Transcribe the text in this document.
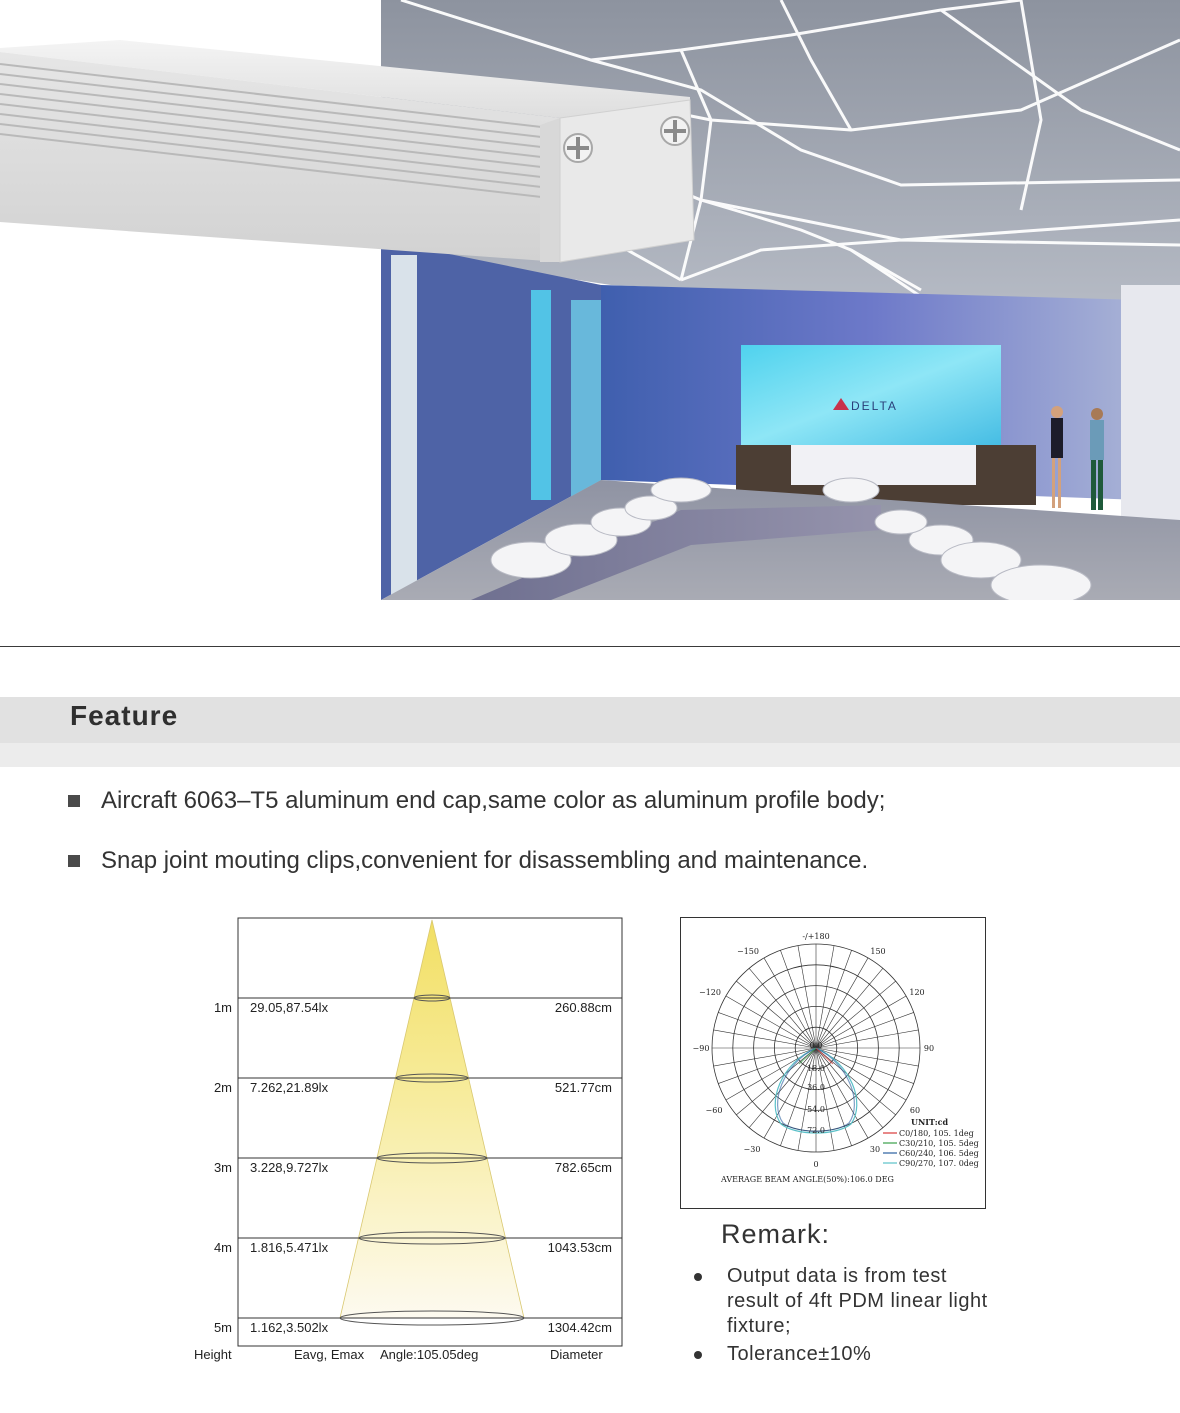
DELTA
Feature
Aircraft 6063–T5 aluminum end cap,same color as aluminum profile body;
Snap joint mouting clips,convenient for disassembling and maintenance.
1m 29.05,87.54lx	260.88cm
2m 7.262,21.89lx	521.77cm
3m 3.228,9.727lx	782.65cm
4m 1.816,5.471lx	1043.53cm
5m 1.162,3.502lx	1304.42cm
Height	Eavg, Emax Angle:105.05deg	Diameter
-/+180
−150	150
−120	120
−90	90
−60	60
−30	30
0
0.0
18.0
36.0
54.0
72.0
UNIT:cd
C0/180, 105. 1deg
C30/210, 105. 5deg
C60/240, 106. 5deg
C90/270, 107. 0deg
AVERAGE BEAM ANGLE(50%):106.0 DEG
Remark:
Output data is from test result of 4ft PDM linear light fixture;
Tolerance±10%
